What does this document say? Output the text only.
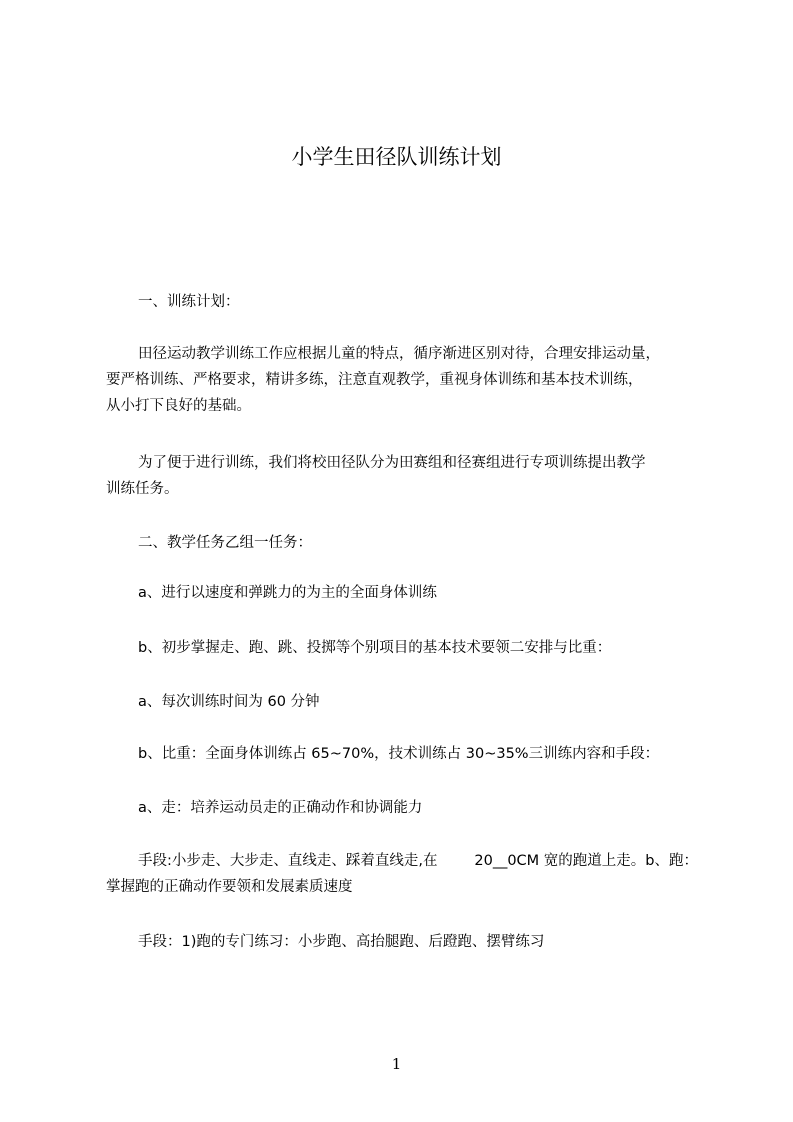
小学生田径队训练计划
一、训练计划：
田径运动教学训练工作应根据儿童的特点，循序渐进区别对待，合理安排运动量，
要严格训练、严格要求，精讲多练，注意直观教学，重视身体训练和基本技术训练，
从小打下良好的基础。
为了便于进行训练，我们将校田径队分为田赛组和径赛组进行专项训练提出教学
训练任务。
二、教学任务乙组一任务：
a、进行以速度和弹跳力的为主的全面身体训练
b、初步掌握走、跑、跳、投掷等个别项目的基本技术要领二安排与比重：
a、每次训练时间为 60 分钟
b、比重：全面身体训练占 65~70%，技术训练占 30~35%三训练内容和手段：
a、走：培养运动员走的正确动作和协调能力
手段:小步走、大步走、直线走、踩着直线走,在        20__0CM 宽的跑道上走。b、跑：
掌握跑的正确动作要领和发展素质速度
手段：1)跑的专门练习：小步跑、高抬腿跑、后蹬跑、摆臂练习
1
